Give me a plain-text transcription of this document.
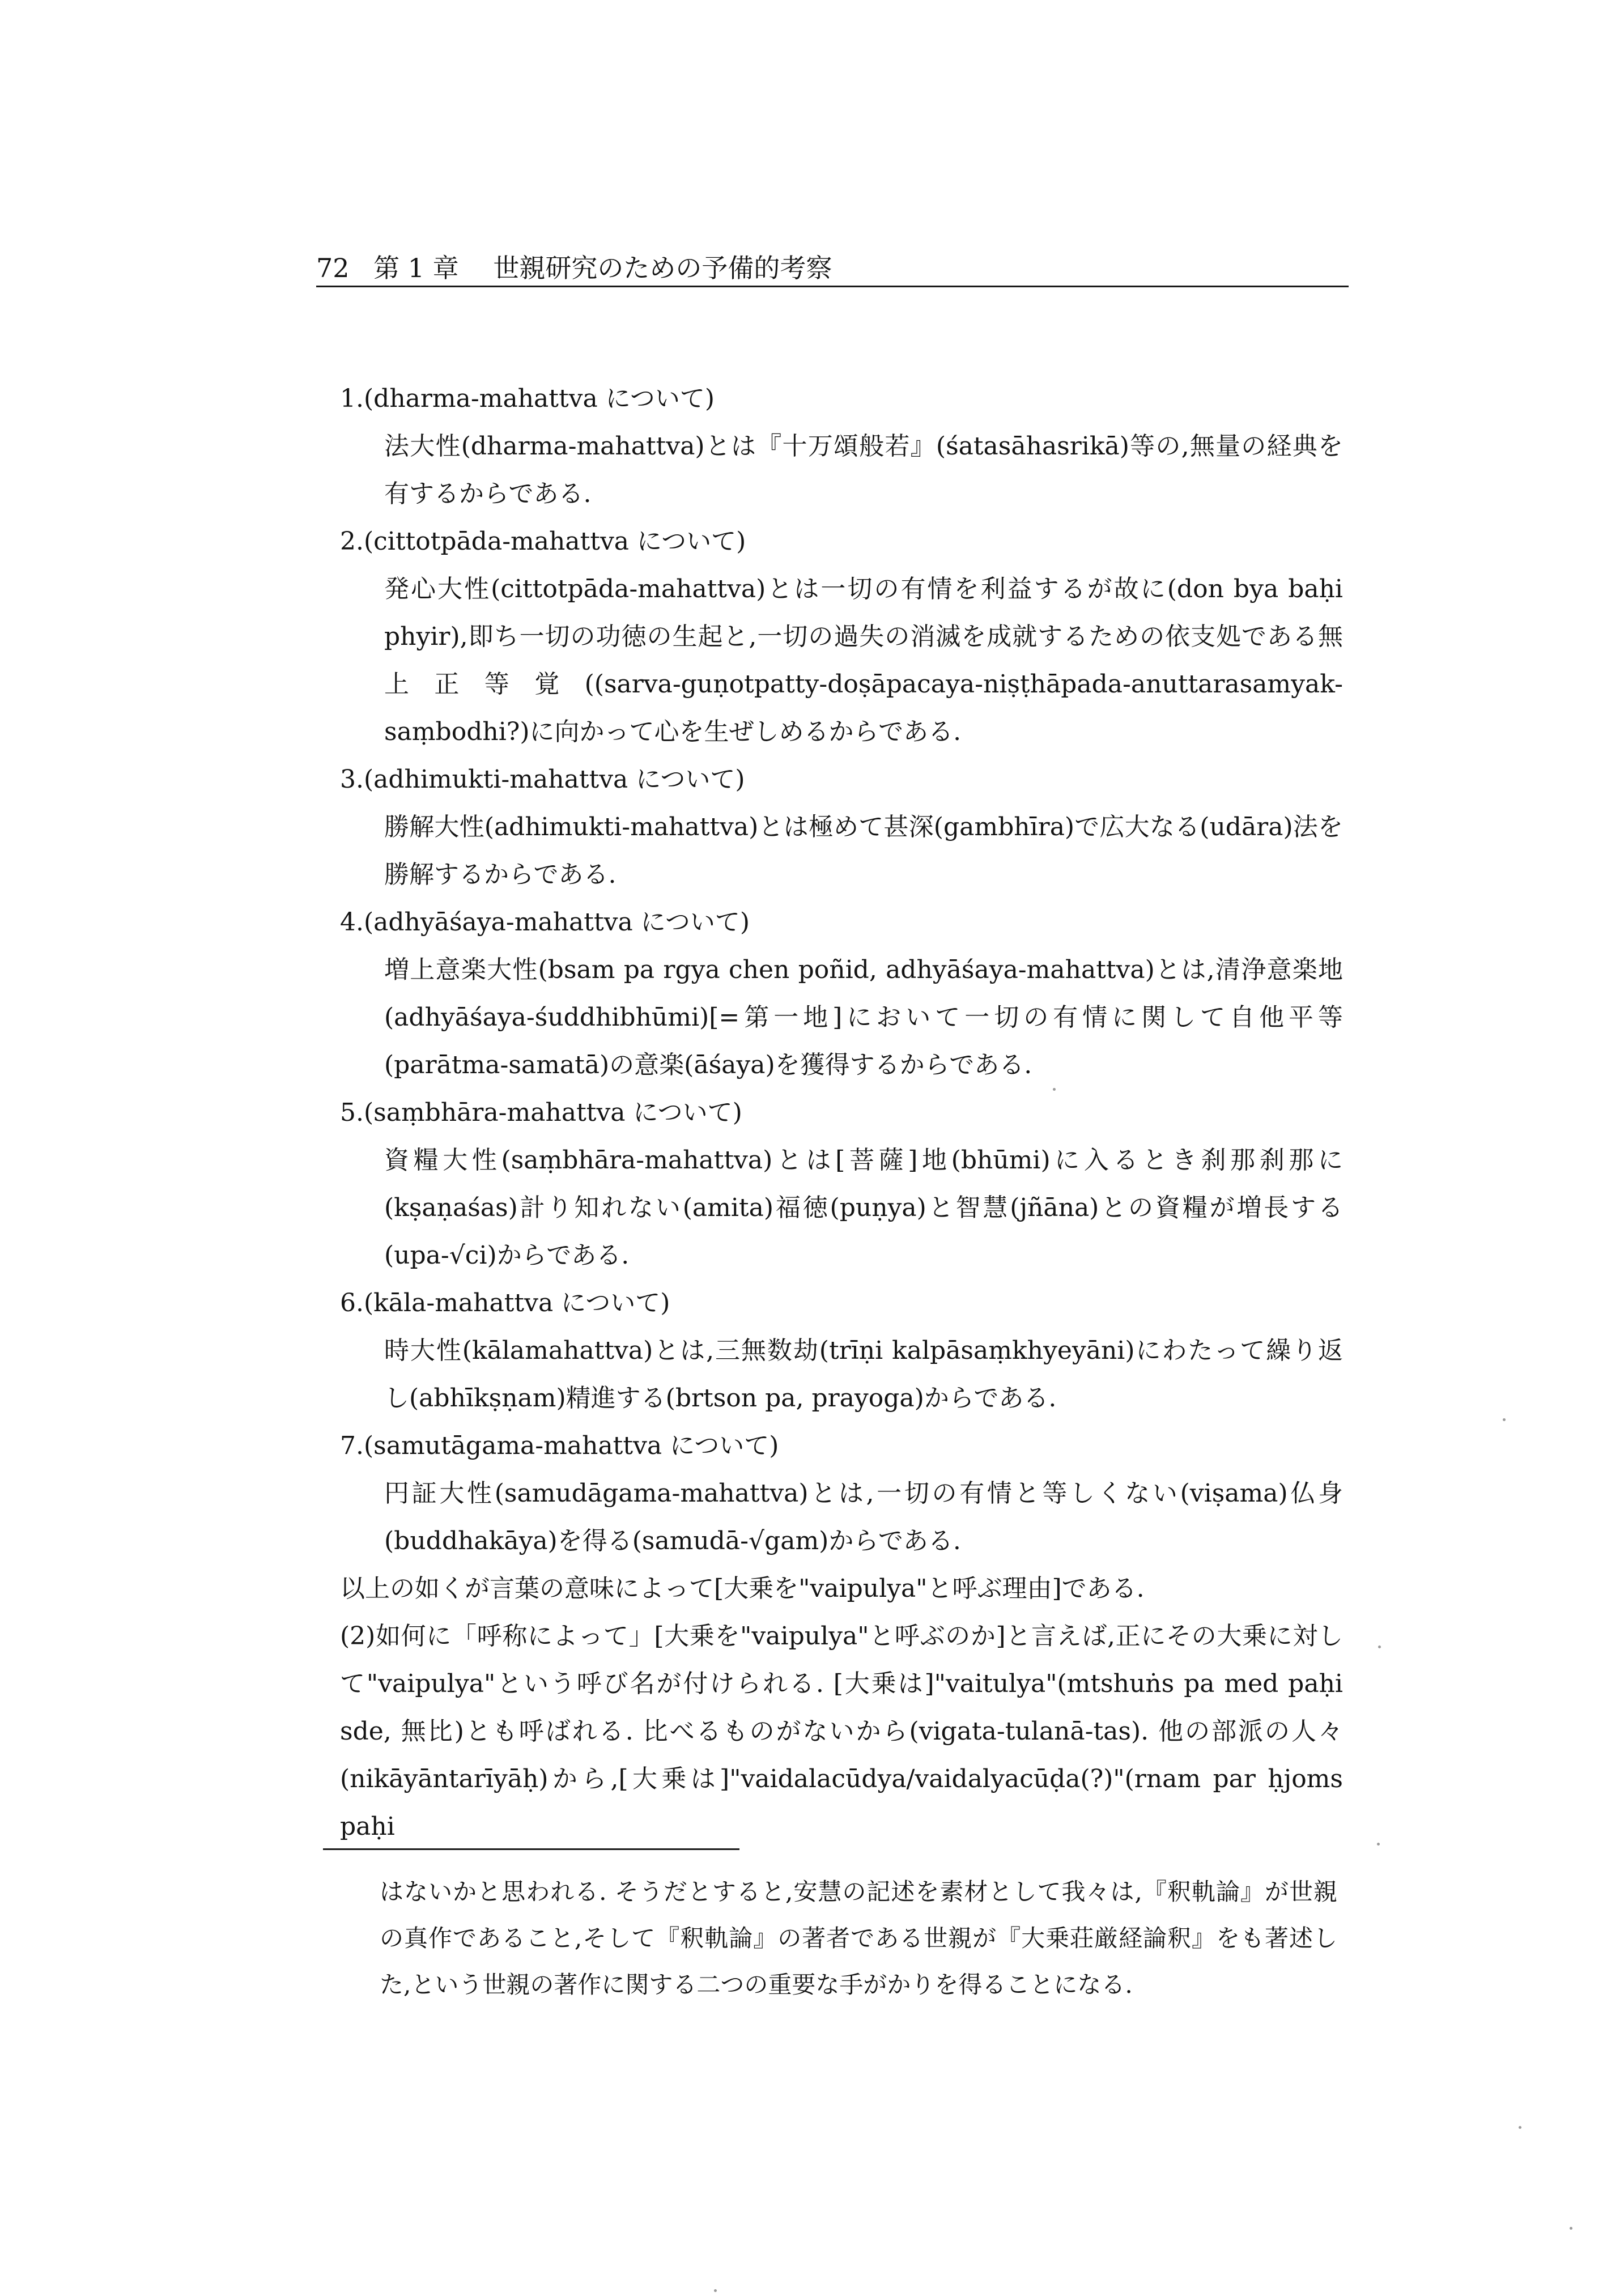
72 第 1 章 世親研究のための予備的考察
1.(dharma-mahattva について)
法大性(dharma-mahattva)とは『十万頌般若』(śatasāhasrikā)等の,無量の経典を有するからである.
2.(cittotpāda-mahattva について)
発心大性(cittotpāda-mahattva)とは一切の有情を利益するが故に(don bya baḥi phyir),即ち一切の功徳の生起と,一切の過失の消滅を成就するための依支処である無上正等覚((sarva-guṇotpatty-doṣāpacaya-niṣṭhāpada-anuttarasamyak-saṃbodhi?)に向かって心を生ぜしめるからである.
3.(adhimukti-mahattva について)
勝解大性(adhimukti-mahattva)とは極めて甚深(gambhīra)で広大なる(udāra)法を勝解するからである.
4.(adhyāśaya-mahattva について)
増上意楽大性(bsam pa rgya chen poñid, adhyāśaya-mahattva)とは,清浄意楽地(adhyāśaya-śuddhibhūmi)[=第一地]において一切の有情に関して自他平等(parātma-samatā)の意楽(āśaya)を獲得するからである.
5.(saṃbhāra-mahattva について)
資糧大性(saṃbhāra-mahattva)とは[菩薩]地(bhūmi)に入るとき刹那刹那に(kṣaṇaśas)計り知れない(amita)福徳(puṇya)と智慧(jñāna)との資糧が増長する(upa-√ci)からである.
6.(kāla-mahattva について)
時大性(kālamahattva)とは,三無数劫(trīṇi kalpāsaṃkhyeyāni)にわたって繰り返し(abhīkṣṇam)精進する(brtson pa, prayoga)からである.
7.(samutāgama-mahattva について)
円証大性(samudāgama-mahattva)とは,一切の有情と等しくない(viṣama)仏身(buddhakāya)を得る(samudā-√gam)からである.
以上の如くが言葉の意味によって[大乗を"vaipulya"と呼ぶ理由]である.
(2)如何に「呼称によって」[大乗を"vaipulya"と呼ぶのか]と言えば,正にその大乗に対して"vaipulya"という呼び名が付けられる. [大乗は]"vaitulya"(mtshuṅs pa med paḥi sde, 無比)とも呼ばれる. 比べるものがないから(vigata-tulanā-tas). 他の部派の人々(nikāyāntarīyāḥ)から,[大乗は]"vaidalacūdya/vaidalyacūḍa(?)"(rnam par ḥjoms paḥi
はないかと思われる. そうだとすると,安慧の記述を素材として我々は,『釈軌論』が世親の真作であること,そして『釈軌論』の著者である世親が『大乗荘厳経論釈』をも著述した,という世親の著作に関する二つの重要な手がかりを得ることになる.
